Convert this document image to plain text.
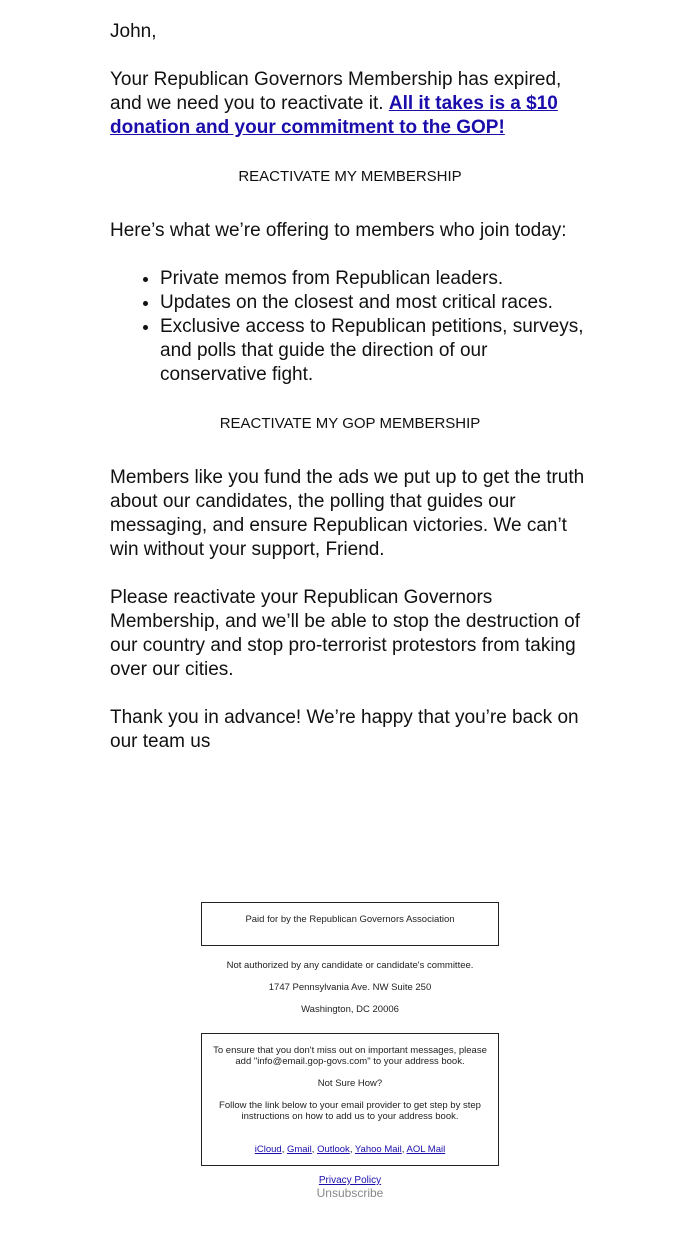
John,

Your Republican Governors Membership has expired, and we need you to reactivate it. All it takes is a $10 donation and your commitment to the GOP!

REACTIVATE MY MEMBERSHIP

Here’s what we’re offering to members who join today:

• Private memos from Republican leaders.
• Updates on the closest and most critical races.
• Exclusive access to Republican petitions, surveys, and polls that guide the direction of our conservative fight.
REACTIVATE MY GOP MEMBERSHIP

Members like you fund the ads we put up to get the truth about our candidates, the polling that guides our messaging, and ensure Republican victories. We can’t win without your support, Friend.

Please reactivate your Republican Governors Membership, and we’ll be able to stop the destruction of our country and stop pro-terrorist protestors from taking over our cities.

Thank you in advance! We’re happy that you’re back on our team us

Paid for by the Republican Governors Association

Not authorized by any candidate or candidate's committee.

1747 Pennsylvania Ave. NW Suite 250

Washington, DC 20006

To ensure that you don't miss out on important messages, please add "info@email.gop-govs.com" to your address book.

Not Sure How?

Follow the link below to your email provider to get step by step instructions on how to add us to your address book.

iCloud, Gmail, Outlook, Yahoo Mail, AOL Mail

Privacy Policy
Unsubscribe
